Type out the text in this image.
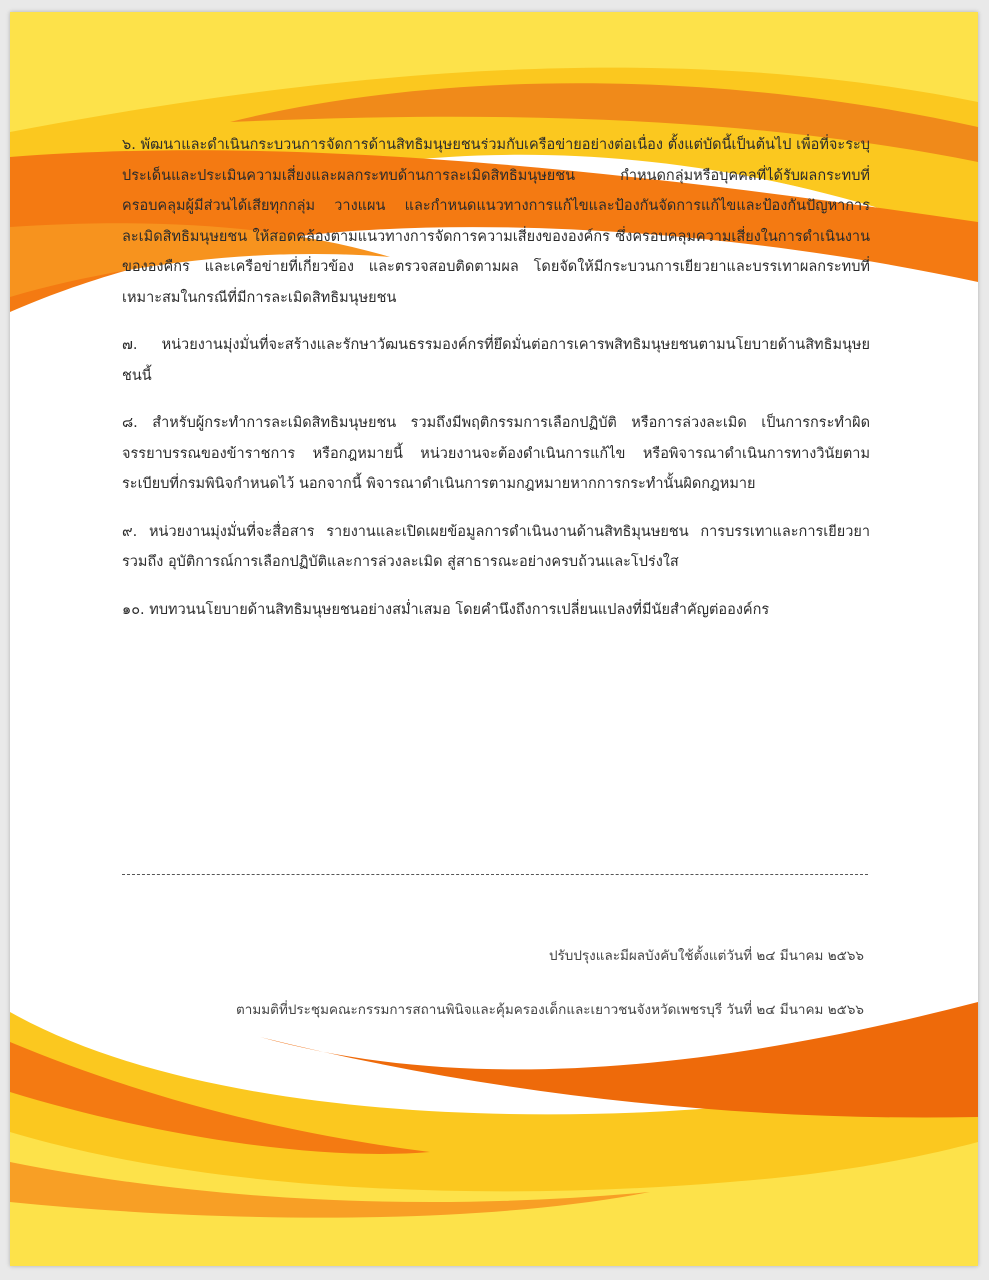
๖. พัฒนาและดำเนินกระบวนการจัดการด้านสิทธิมนุษยชนร่วมกับเครือข่ายอย่างต่อเนื่อง ตั้งแต่บัดนี้เป็นต้นไป เพื่อที่จะระบุประเด็นและประเมินความเสี่ยงและผลกระทบด้านการละเมิดสิทธิมนุษยชน กำหนดกลุ่มหรือบุคคลที่ได้รับผลกระทบที่ครอบคลุมผู้มีส่วนได้เสียทุกกลุ่ม วางแผน และกำหนดแนวทางการแก้ไขและป้องกันจัดการแก้ไขและป้องกันปัญหาการละเมิดสิทธิมนุษยชน ให้สอดคล้องตามแนวทางการจัดการความเสี่ยงขององค์กร ซึ่งครอบคลุมความเสี่ยงในการดำเนินงานขององคืกร และเครือข่ายที่เกี่ยวข้อง และตรวจสอบติดตามผล โดยจัดให้มีกระบวนการเยียวยาและบรรเทาผลกระทบที่เหมาะสมในกรณีที่มีการละเมิดสิทธิมนุษยชน

๗. หน่วยงานมุ่งมั่นที่จะสร้างและรักษาวัฒนธรรมองค์กรที่ยึดมั่นต่อการเคารพสิทธิมนุษยชนตามนโยบายด้านสิทธิมนุษยชนนี้

๘. สำหรับผู้กระทำการละเมิดสิทธิมนุษยชน รวมถึงมีพฤติกรรมการเลือกปฏิบัติ หรือการล่วงละเมิด เป็นการกระทำผิดจรรยาบรรณของข้าราชการ หรือกฎหมายนี้ หน่วยงานจะต้องดำเนินการแก้ไข หรือพิจารณาดำเนินการทางวินัยตามระเบียบที่กรมพินิจกำหนดไว้ นอกจากนี้ พิจารณาดำเนินการตามกฎหมายหากการกระทำนั้นผิดกฎหมาย

๙. หน่วยงานมุ่งมั่นที่จะสื่อสาร รายงานและเปิดเผยข้อมูลการดำเนินงานด้านสิทธิมุนษยชน การบรรเทาและการเยียวยา รวมถึง อุบัติการณ์การเลือกปฏิบัติและการล่วงละเมิด สู่สาธารณะอย่างครบถ้วนและโปร่งใส

๑๐. ทบทวนนโยบายด้านสิทธิมนุษยชนอย่างสม่ำเสมอ โดยคำนึงถึงการเปลี่ยนแปลงที่มีนัยสำคัญต่อองค์กร

ปรับปรุงและมีผลบังคับใช้ตั้งแต่วันที่ ๒๔ มีนาคม ๒๕๖๖
ตามมติที่ประชุมคณะกรรมการสถานพินิจและคุ้มครองเด็กและเยาวชนจังหวัดเพชรบุรี วันที่ ๒๔ มีนาคม ๒๕๖๖
